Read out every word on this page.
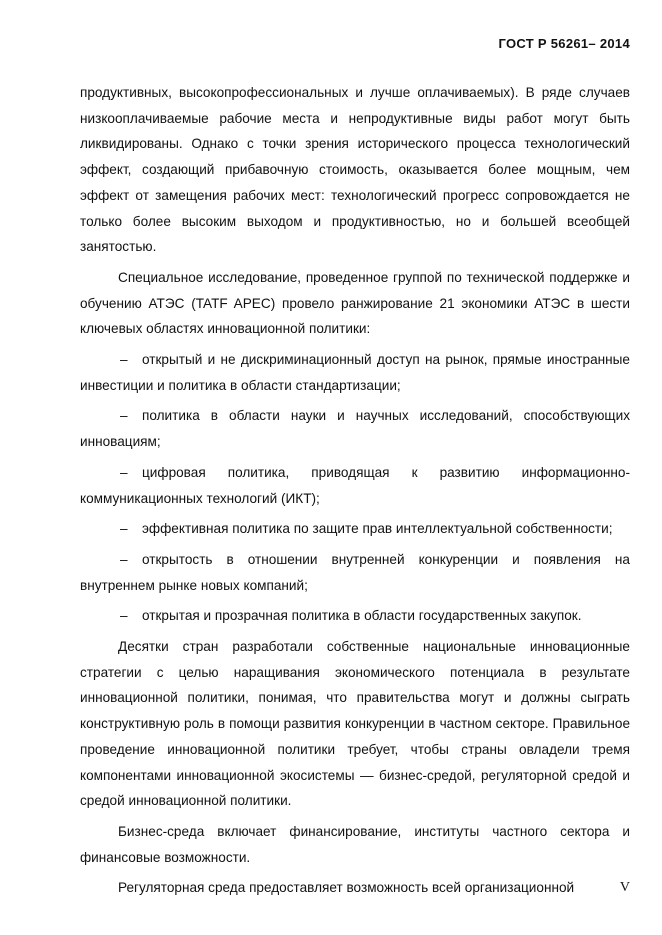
ГОСТ Р 56261– 2014

продуктивных, высокопрофессиональных и лучше оплачиваемых). В ряде случаев низкооплачиваемые рабочие места и непродуктивные виды работ могут быть ликвидированы. Однако с точки зрения исторического процесса технологический эффект, создающий прибавочную стоимость, оказывается более мощным, чем эффект от замещения рабочих мест: технологический прогресс сопровождается не только более высоким выходом и продуктивностью, но и большей всеобщей занятостью.

Специальное исследование, проведенное группой по технической поддержке и обучению АТЭС (TATF APEC) провело ранжирование 21 экономики АТЭС в шести ключевых областях инновационной политики:

– открытый и не дискриминационный доступ на рынок, прямые иностранные инвестиции и политика в области стандартизации;

– политика в области науки и научных исследований, способствующих инновациям;

– цифровая политика, приводящая к развитию информационно-коммуникационных технологий (ИКТ);

– эффективная политика по защите прав интеллектуальной собственности;

– открытость в отношении внутренней конкуренции и появления на внутреннем рынке новых компаний;

– открытая и прозрачная политика в области государственных закупок.

Десятки стран разработали собственные национальные инновационные стратегии с целью наращивания экономического потенциала в результате инновационной политики, понимая, что правительства могут и должны сыграть конструктивную роль в помощи развития конкуренции в частном секторе. Правильное проведение инновационной политики требует, чтобы страны овладели тремя компонентами инновационной экосистемы — бизнес-средой, регуляторной средой и средой инновационной политики.

Бизнес-среда включает финансирование, институты частного сектора и финансовые возможности.

Регуляторная среда предоставляет возможность всей организационной	V
